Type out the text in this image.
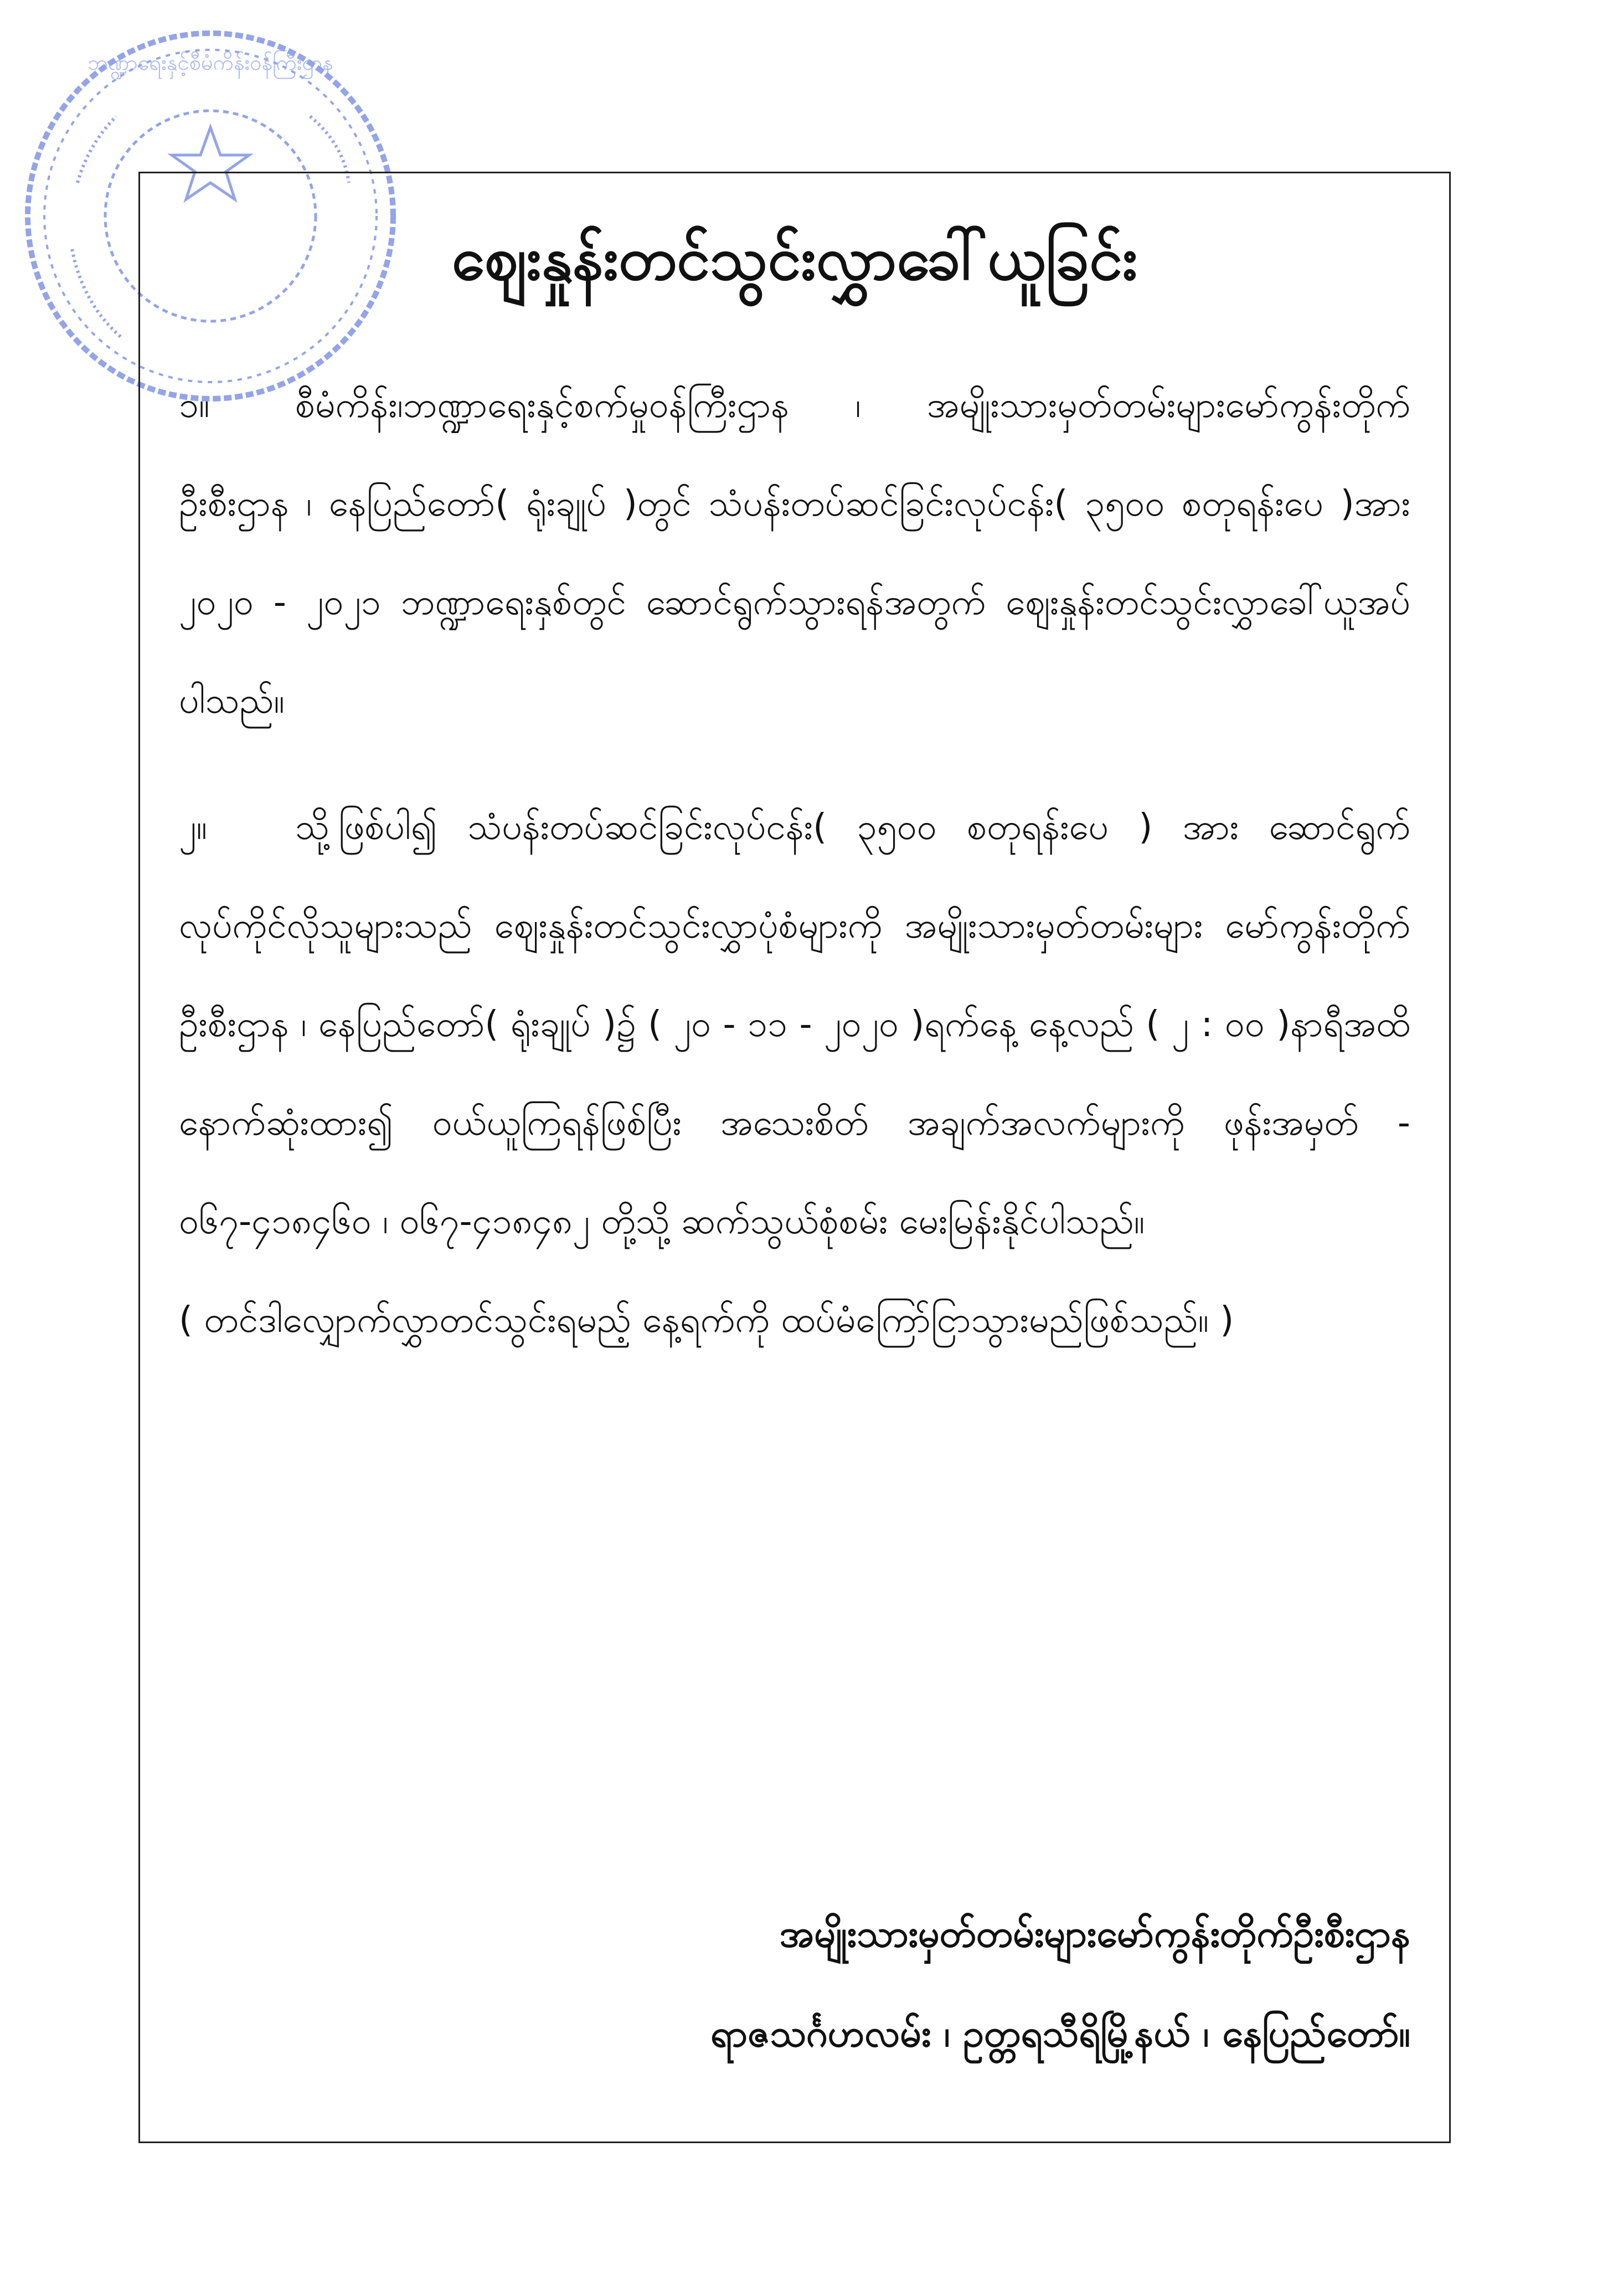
ဘဏ္ဍာရေးနှင့်စီမံကိန်းဝန်ကြီးဌာန
ဈေးနှုန်းတင်သွင်းလွှာခေါ်ယူခြင်း

၁။ စီမံကိန်း၊ဘဏ္ဍာရေးနှင့်စက်မှုဝန်ကြီးဌာန ၊ အမျိုးသားမှတ်တမ်းများမော်ကွန်းတိုက်ဦးစီးဌာန ၊ နေပြည်တော်( ရုံးချုပ် )တွင် သံပန်းတပ်ဆင်ခြင်းလုပ်ငန်း( ၃၅၀၀ စတုရန်းပေ )အား ၂၀၂၀ - ၂၀၂၁ ဘဏ္ဍာရေးနှစ်တွင် ဆောင်ရွက်သွားရန်အတွက် ဈေးနှုန်းတင်သွင်းလွှာခေါ်ယူအပ်ပါသည်။

၂။ သို့ဖြစ်ပါ၍ သံပန်းတပ်ဆင်ခြင်းလုပ်ငန်း( ၃၅၀၀ စတုရန်းပေ ) အား ဆောင်ရွက် လုပ်ကိုင်လိုသူများသည် ဈေးနှုန်းတင်သွင်းလွှာပုံစံများကို အမျိုးသားမှတ်တမ်းများ မော်ကွန်းတိုက်ဦးစီးဌာန ၊ နေပြည်တော်( ရုံးချုပ် )၌ ( ၂၀ - ၁၁ - ၂၀၂၀ )ရက်နေ့ နေ့လည် ( ၂ : ၀၀ )နာရီအထိ နောက်ဆုံးထား၍ ဝယ်ယူကြရန်ဖြစ်ပြီး အသေးစိတ် အချက်အလက်များကို ဖုန်းအမှတ် - ၀၆၇-၄၁၈၄၆၀ ၊ ၀၆၇-၄၁၈၄၈၂ တို့သို့ ဆက်သွယ်စုံစမ်း မေးမြန်းနိုင်ပါသည်။

( တင်ဒါလျှောက်လွှာတင်သွင်းရမည့် နေ့ရက်ကို ထပ်မံကြော်ငြာသွားမည်ဖြစ်သည်။ )

အမျိုးသားမှတ်တမ်းများမော်ကွန်းတိုက်ဦးစီးဌာန
ရာဇသင်္ဂဟလမ်း ၊ ဥတ္တရသီရိမြို့နယ် ၊ နေပြည်တော်။
